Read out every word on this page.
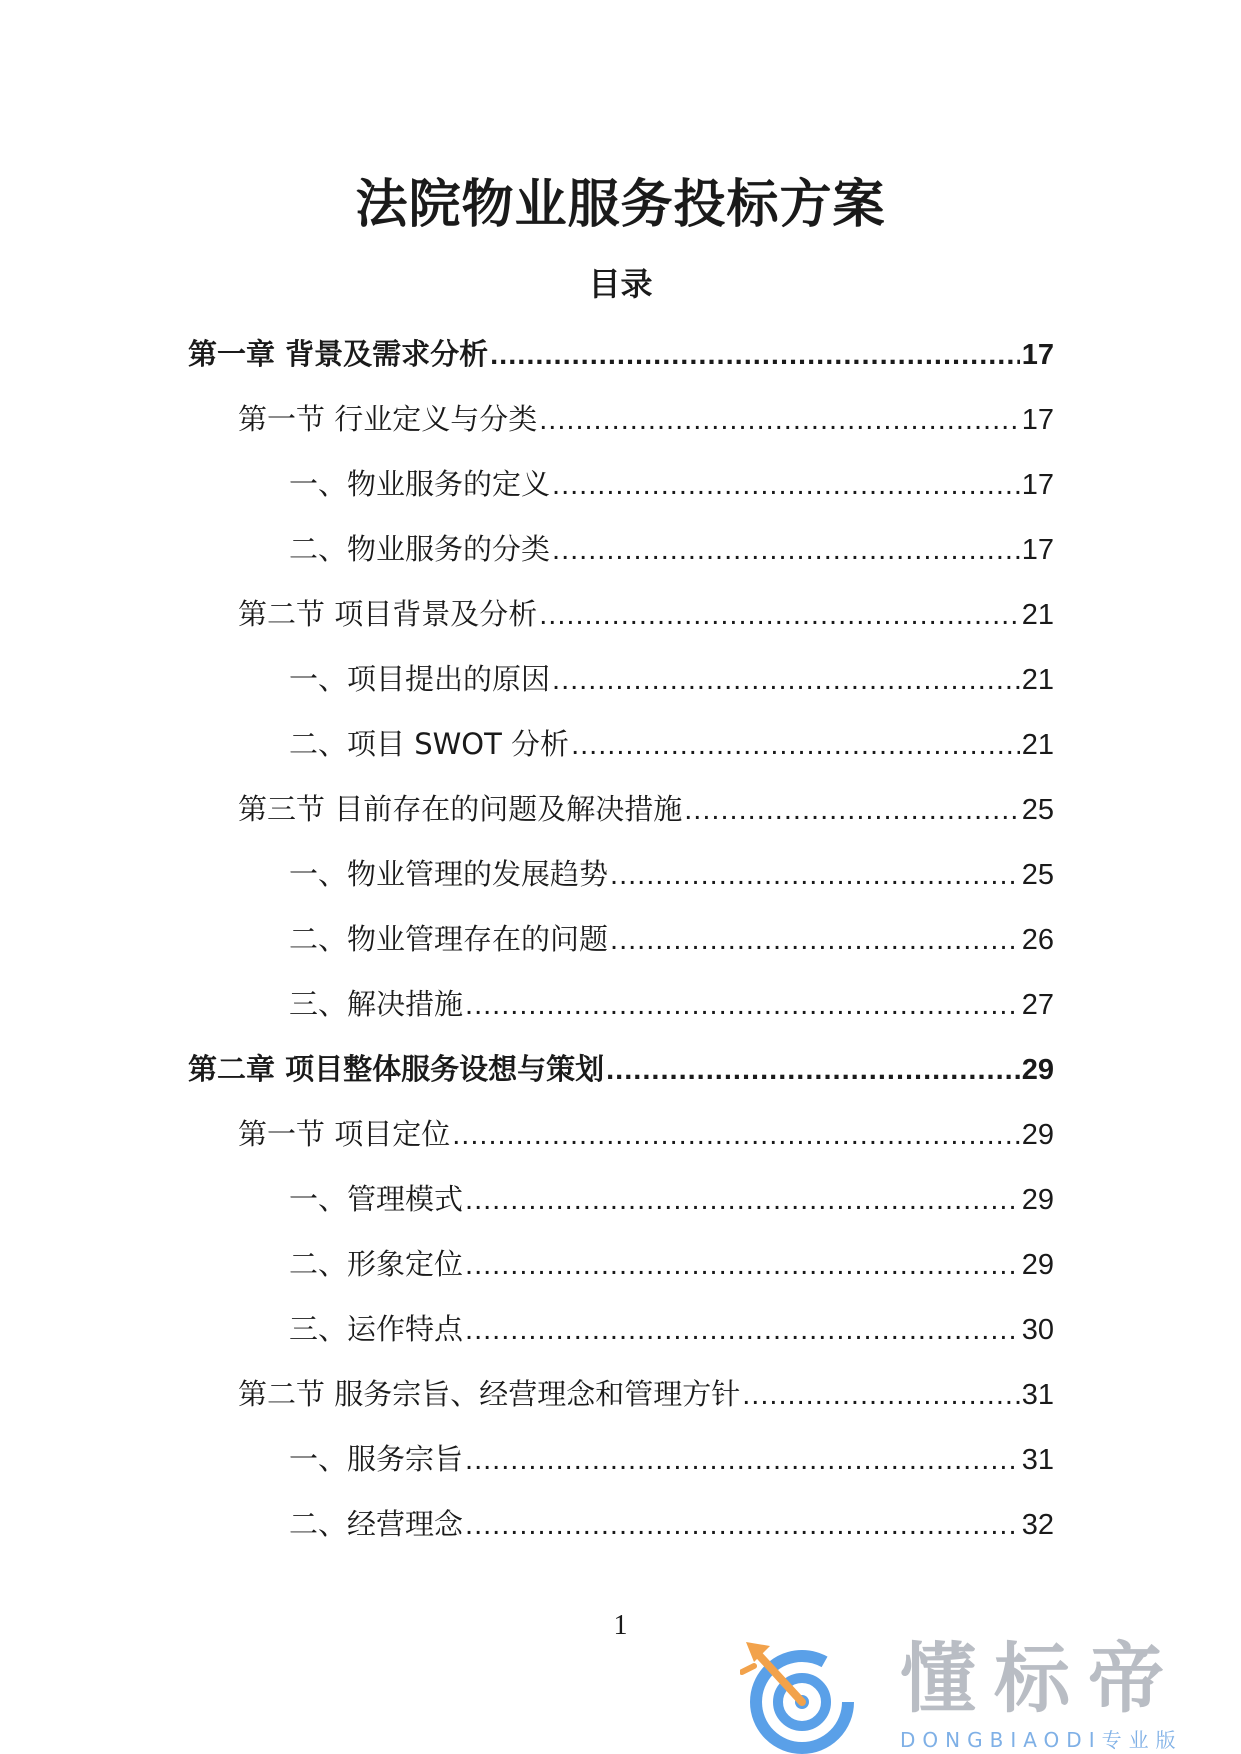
法院物业服务投标方案
目录
第一章 背景及需求分析 .....	17
第一节 行业定义与分类 .....	17
一、物业服务的定义 .....	17
二、物业服务的分类 .....	17
第二节 项目背景及分析 .....	21
一、项目提出的原因 .....	21
二、项目 SWOT 分析 .....	21
第三节 目前存在的问题及解决措施 .....	25
一、物业管理的发展趋势 .....	25
二、物业管理存在的问题 .....	26
三、解决措施 .....	27
第二章 项目整体服务设想与策划 .....	29
第一节 项目定位 .....	29
一、管理模式 .....	29
二、形象定位 .....	29
三、运作特点 .....	30
第二节 服务宗旨、经营理念和管理方针 .....	31
一、服务宗旨 .....	31
二、经营理念 .....	32
1
懂标帝
DONGBIAODI专业版
